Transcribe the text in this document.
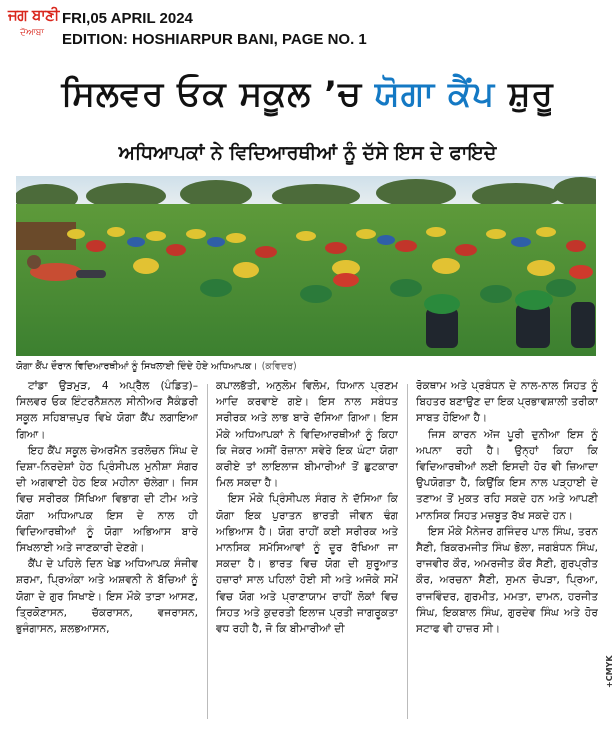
ਜਗ ਬਾਣੀ
ਦੋਆਬਾ
FRI,05 APRIL 2024
EDITION: HOSHIARPUR BANI, PAGE NO. 1
ਸਿਲਵਰ ਓਕ ਸਕੂਲ ’ਚ ਯੋਗਾ ਕੈਂਪ ਸ਼ੁਰੂ
ਅਧਿਆਪਕਾਂ ਨੇ ਵਿਦਿਆਰਥੀਆਂ ਨੂੰ ਦੱਸੇ ਇਸ ਦੇ ਫਾਇਦੇ
ਯੋਗਾ ਕੈਂਪ ਦੌਰਾਨ ਵਿਦਿਆਰਥੀਆਂ ਨੂੰ ਸਿਖਲਾਈ ਦਿੰਦੇ ਹੋਏ ਅਧਿਆਪਕ। (ਕਵਿਦਰ)

ਟਾਂਡਾ ਉੜਮੁੜ, 4 ਅਪ੍ਰੈਲ (ਪੰਡਿਤ)– ਸਿਲਵਰ ਓਕ ਇੰਟਰਨੈਸ਼ਨਲ ਸੀਨੀਅਰ ਸੈਕੰਡਰੀ ਸਕੂਲ ਸਹਿਬਾਜ਼ਪੁਰ ਵਿਖੇ ਯੋਗਾ ਕੈਂਪ ਲਗਾਇਆ ਗਿਆ।

ਇਹ ਕੈਂਪ ਸਕੂਲ ਚੇਅਰਮੈਨ ਤਰਲੋਚਨ ਸਿੰਘ ਦੇ ਦਿਸ਼ਾ-ਨਿਰਦੇਸ਼ਾਂ ਹੇਠ ਪ੍ਰਿੰਸੀਪਲ ਮੁਨੀਸ਼ਾ ਸੰਗਰ ਦੀ ਅਗਵਾਈ ਹੇਠ ਇਕ ਮਹੀਨਾ ਚੱਲੇਗਾ। ਜਿਸ ਵਿਚ ਸਰੀਰਕ ਸਿੱਖਿਆ ਵਿਭਾਗ ਦੀ ਟੀਮ ਅਤੇ ਯੋਗਾ ਅਧਿਆਪਕ ਇਸ ਦੇ ਨਾਲ ਹੀ ਵਿਦਿਆਰਥੀਆਂ ਨੂੰ ਯੋਗਾ ਅਭਿਆਸ ਬਾਰੇ ਸਿਖਲਾਈ ਅਤੇ ਜਾਣਕਾਰੀ ਦੇਣਗੇ।

ਕੈਂਪ ਦੇ ਪਹਿਲੇ ਦਿਨ ਖੇਡ ਅਧਿਆਪਕ ਸੰਜੀਵ ਸ਼ਰਮਾ, ਪ੍ਰਿਅੰਕਾ ਅਤੇ ਅਸ਼ਵਨੀ ਨੇ ਬੱਚਿਆਂ ਨੂੰ ਯੋਗਾ ਦੇ ਗੁਰ ਸਿਖਾਏ। ਇਸ ਮੌਕੇ ਤਾੜਾ ਆਸਣ, ਤ੍ਰਿਕੋਣਾਸਨ, ਚੱਕਰਾਸਨ, ਵਜਰਾਸਨ, ਭੁਜੰਗਾਸਨ, ਸ਼ਲਭਆਸਨ,

ਕਪਾਲਭੱਤੀ, ਅਨੁਲੋਮ ਵਿਲੋਮ, ਧਿਆਨ ਪ੍ਰਣਮ ਆਦਿ ਕਰਵਾਏ ਗਏ। ਇਸ ਨਾਲ ਸਬੰਧਤ ਸਰੀਰਕ ਅਤੇ ਲਾਭ ਬਾਰੇ ਦੱਸਿਆ ਗਿਆ। ਇਸ ਮੌਕੇ ਅਧਿਆਪਕਾਂ ਨੇ ਵਿਦਿਆਰਥੀਆਂ ਨੂੰ ਕਿਹਾ ਕਿ ਜੇਕਰ ਅਸੀਂ ਰੋਜ਼ਾਨਾ ਸਵੇਰੇ ਇਕ ਘੰਟਾ ਯੋਗਾ ਕਰੀਏ ਤਾਂ ਲਾਇਲਾਜ ਬੀਮਾਰੀਆਂ ਤੋਂ ਛੁਟਕਾਰਾ ਮਿਲ ਸਕਦਾ ਹੈ।

ਇਸ ਮੌਕੇ ਪ੍ਰਿੰਸੀਪਲ ਸੰਗਰ ਨੇ ਦੱਸਿਆ ਕਿ ਯੋਗਾ ਇਕ ਪੁਰਾਤਨ ਭਾਰਤੀ ਜੀਵਨ ਢੰਗ ਅਭਿਆਸ ਹੈ। ਯੋਗ ਰਾਹੀਂ ਕਈ ਸਰੀਰਕ ਅਤੇ ਮਾਨਸਿਕ ਸਮੱਸਿਆਵਾਂ ਨੂੰ ਦੂਰ ਰੱਖਿਆ ਜਾ ਸਕਦਾ ਹੈ। ਭਾਰਤ ਵਿਚ ਯੋਗ ਦੀ ਸ਼ੁਰੂਆਤ ਹਜ਼ਾਰਾਂ ਸਾਲ ਪਹਿਲਾਂ ਹੋਈ ਸੀ ਅਤੇ ਅਜੋਕੇ ਸਮੇਂ ਵਿਚ ਯੋਗ ਅਤੇ ਪ੍ਰਾਣਾਯਾਮ ਰਾਹੀਂ ਲੋਕਾਂ ਵਿਚ ਸਿਹਤ ਅਤੇ ਕੁਦਰਤੀ ਇਲਾਜ ਪ੍ਰਤੀ ਜਾਗਰੂਕਤਾ ਵਧ ਰਹੀ ਹੈ, ਜੋ ਕਿ ਬੀਮਾਰੀਆਂ ਦੀ

ਰੋਕਥਾਮ ਅਤੇ ਪ੍ਰਬੰਧਨ ਦੇ ਨਾਲ-ਨਾਲ ਸਿਹਤ ਨੂੰ ਬਿਹਤਰ ਬਣਾਉਣ ਦਾ ਇਕ ਪ੍ਰਭਾਵਸ਼ਾਲੀ ਤਰੀਕਾ ਸਾਬਤ ਹੋਇਆ ਹੈ।

ਜਿਸ ਕਾਰਨ ਅੱਜ ਪੂਰੀ ਦੁਨੀਆ ਇਸ ਨੂੰ ਅਪਨਾ ਰਹੀ ਹੈ। ਉਨ੍ਹਾਂ ਕਿਹਾ ਕਿ ਵਿਦਿਆਰਥੀਆਂ ਲਈ ਇਸਦੀ ਹੋਰ ਵੀ ਜ਼ਿਆਦਾ ਉਪਯੋਗਤਾ ਹੈ, ਕਿਉਂਕਿ ਇਸ ਨਾਲ ਪੜ੍ਹਾਈ ਦੇ ਤਣਾਅ ਤੋਂ ਮੁਕਤ ਰਹਿ ਸਕਦੇ ਹਨ ਅਤੇ ਆਪਣੀ ਮਾਨਸਿਕ ਸਿਹਤ ਮਜ਼ਬੂਤ ਰੱਖ ਸਕਦੇ ਹਨ।

ਇਸ ਮੌਕੇ ਮੈਨੇਜਰ ਗਜਿੰਦਰ ਪਾਲ ਸਿੰਘ, ਤਰਨ ਸੈਣੀ, ਬਿਕਰਮਜੀਤ ਸਿੰਘ ਭੋਲਾ, ਜਗਬੰਧਨ ਸਿੰਘ, ਰਾਜਵੀਰ ਕੌਰ, ਅਮਰਜੀਤ ਕੌਰ ਸੈਣੀ, ਗੁਰਪ੍ਰੀਤ ਕੌਰ, ਅਰਚਨਾ ਸੈਣੀ, ਸੁਮਨ ਚੋਪੜਾ, ਪ੍ਰਿਆ, ਰਾਜਵਿੰਦਰ, ਗੁਰਮੀਤ, ਮਮਤਾ, ਦਾਮਨ, ਹਰਜੀਤ ਸਿੰਘ, ਇਕਬਾਲ ਸਿੰਘ, ਗੁਰਦੇਵ ਸਿੰਘ ਅਤੇ ਹੋਰ ਸਟਾਫ ਵੀ ਹਾਜ਼ਰ ਸੀ।

+CMYK
